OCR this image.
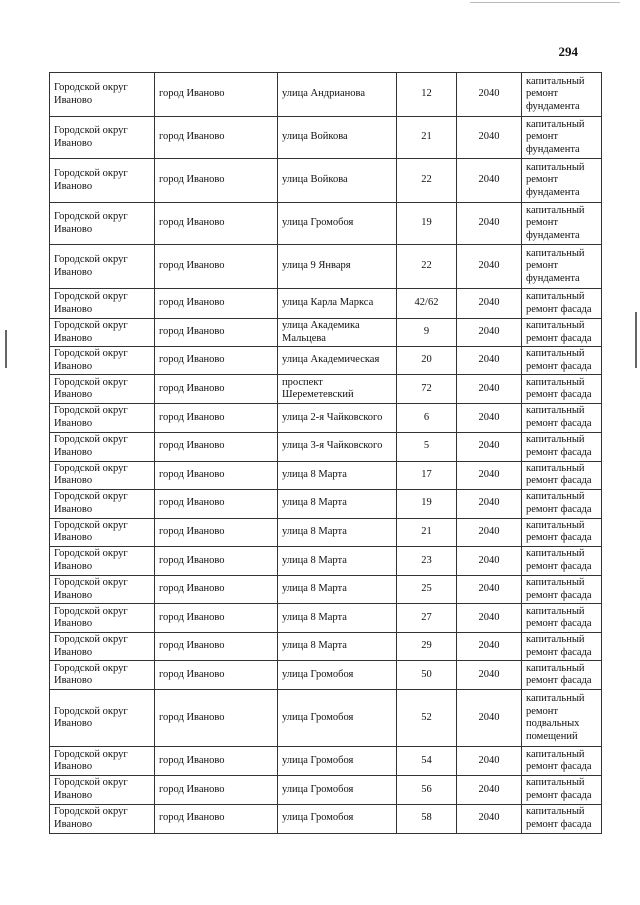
294
Городской округ Иваново	город Иваново	улица Андрианова	12	2040	капитальный ремонт фундамента
Городской округ Иваново	город Иваново	улица Войкова	21	2040	капитальный ремонт фундамента
Городской округ Иваново	город Иваново	улица Войкова	22	2040	капитальный ремонт фундамента
Городской округ Иваново	город Иваново	улица Громобоя	19	2040	капитальный ремонт фундамента
Городской округ Иваново	город Иваново	улица 9 Января	22	2040	капитальный ремонт фундамента
Городской округ Иваново	город Иваново	улица Карла Маркса	42/62	2040	капитальный ремонт фасада
Городской округ Иваново	город Иваново	улица Академика Мальцева	9	2040	капитальный ремонт фасада
Городской округ Иваново	город Иваново	улица Академическая	20	2040	капитальный ремонт фасада
Городской округ Иваново	город Иваново	проспект Шереметевский	72	2040	капитальный ремонт фасада
Городской округ Иваново	город Иваново	улица 2-я Чайковского	6	2040	капитальный ремонт фасада
Городской округ Иваново	город Иваново	улица 3-я Чайковского	5	2040	капитальный ремонт фасада
Городской округ Иваново	город Иваново	улица 8 Марта	17	2040	капитальный ремонт фасада
Городской округ Иваново	город Иваново	улица 8 Марта	19	2040	капитальный ремонт фасада
Городской округ Иваново	город Иваново	улица 8 Марта	21	2040	капитальный ремонт фасада
Городской округ Иваново	город Иваново	улица 8 Марта	23	2040	капитальный ремонт фасада
Городской округ Иваново	город Иваново	улица 8 Марта	25	2040	капитальный ремонт фасада
Городской округ Иваново	город Иваново	улица 8 Марта	27	2040	капитальный ремонт фасада
Городской округ Иваново	город Иваново	улица 8 Марта	29	2040	капитальный ремонт фасада
Городской округ Иваново	город Иваново	улица Громобоя	50	2040	капитальный ремонт фасада
Городской округ Иваново	город Иваново	улица Громобоя	52	2040	капитальный ремонт подвальных помещений
Городской округ Иваново	город Иваново	улица Громобоя	54	2040	капитальный ремонт фасада
Городской округ Иваново	город Иваново	улица Громобоя	56	2040	капитальный ремонт фасада
Городской округ Иваново	город Иваново	улица Громобоя	58	2040	капитальный ремонт фасада
